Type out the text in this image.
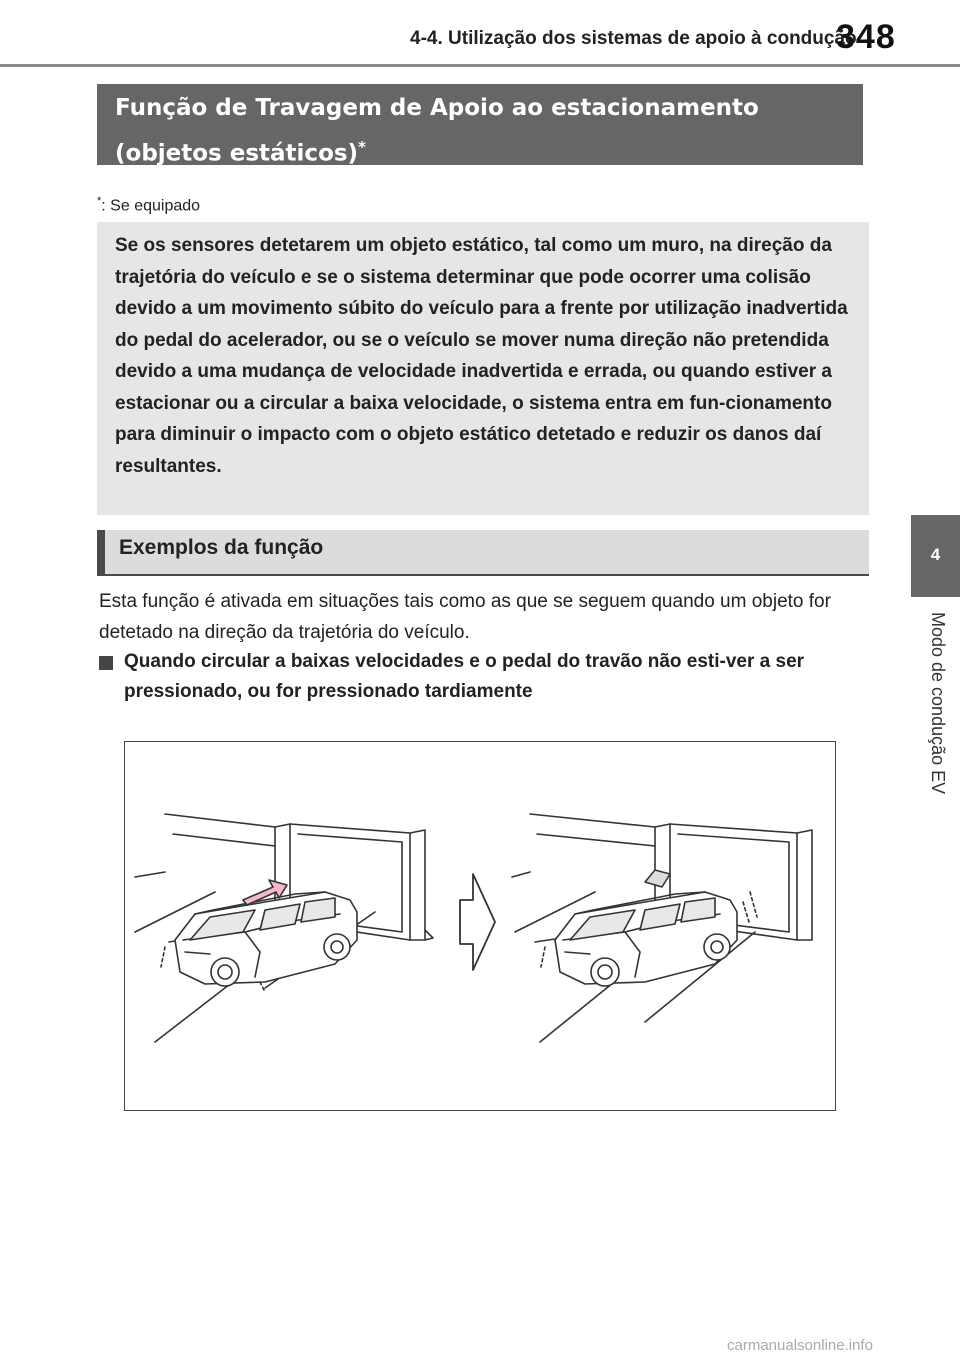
4-4. Utilização dos sistemas de apoio à condução
348
Função de Travagem de Apoio ao estacionamento
(objetos estáticos)*
*: Se equipado
Se os sensores detetarem um objeto estático, tal como um muro, na direção da trajetória do veículo e se o sistema determinar que pode ocorrer uma colisão devido a um movimento súbito do veículo para a frente por utilização inadvertida do pedal do acelerador, ou se o veículo se mover numa direção não pretendida devido a uma mudança de velocidade inadvertida e errada, ou quando estiver a estacionar ou a circular a baixa velocidade, o sistema entra em fun-cionamento para diminuir o impacto com o objeto estático detetado e reduzir os danos daí resultantes.
Exemplos da função
Esta função é ativada em situações tais como as que se seguem quando um objeto for detetado na direção da trajetória do veículo.
Quando circular a baixas velocidades e o pedal do travão não esti-ver a ser pressionado, ou for pressionado tardiamente
4
Modo de condução EV
carmanualsonline.info
